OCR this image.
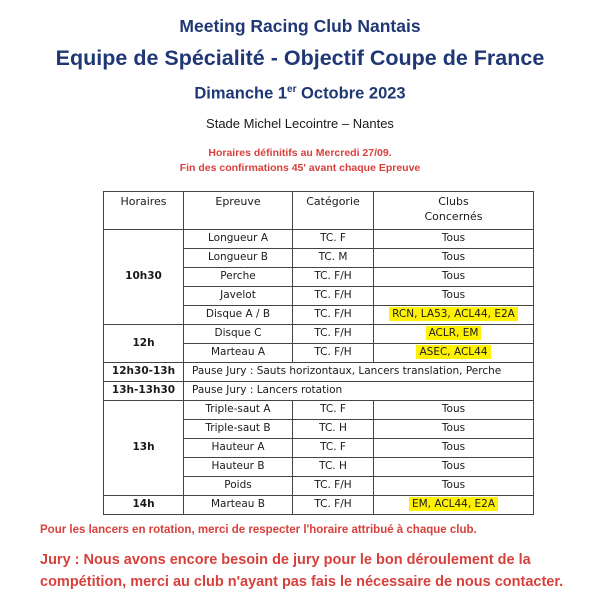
Meeting Racing Club Nantais
Equipe de Spécialité - Objectif Coupe de France
Dimanche 1er Octobre 2023
Stade Michel Lecointre – Nantes
Horaires définitifs au Mercredi 27/09.
Fin des confirmations 45' avant chaque Epreuve
Horaires	Epreuve	Catégorie	Clubs
Concernés

10h30	Longueur A	TC. F	Tous
	Longueur B	TC. M	Tous
	Perche	TC. F/H	Tous
	Javelot	TC. F/H	Tous
	Disque A / B	TC. F/H	RCN, LA53, ACL44, E2A
12h	Disque C	TC. F/H	ACLR, EM
	Marteau A	TC. F/H	ASEC, ACL44
12h30-13h	Pause Jury : Sauts horizontaux, Lancers translation, Perche		
13h-13h30	Pause Jury : Lancers rotation		
13h	Triple-saut A	TC. F	Tous
	Triple-saut B	TC. H	Tous
	Hauteur A	TC. F	Tous
	Hauteur B	TC. H	Tous
	Poids	TC. F/H	Tous
14h	Marteau B	TC. F/H	EM, ACL44, E2A
Pour les lancers en rotation, merci de respecter l'horaire attribué à chaque club.
Jury : Nous avons encore besoin de jury pour le bon déroulement de la compétition, merci au club n'ayant pas fais le nécessaire de nous contacter.
